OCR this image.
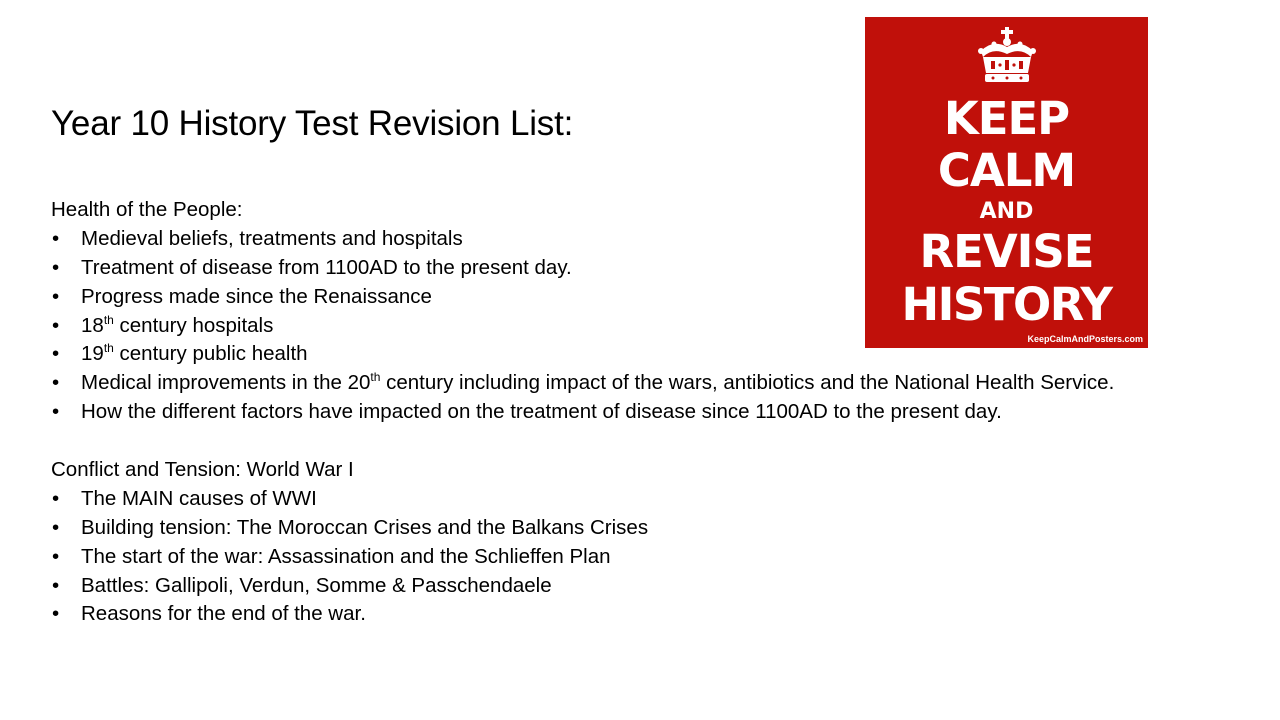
Year 10 History Test Revision List:
Health of the People:
• Medieval beliefs, treatments and hospitals
• Treatment of disease from 1100AD to the present day.
• Progress made since the Renaissance
• 18th century hospitals
• 19th century public health
• Medical improvements in the 20th century including impact of the wars, antibiotics and the National Health Service.
• How the different factors have impacted on the treatment of disease since 1100AD to the present day.
Conflict and Tension: World War I
• The MAIN causes of WWI
• Building tension: The Moroccan Crises and the Balkans Crises
• The start of the war: Assassination and the Schlieffen Plan
• Battles: Gallipoli, Verdun, Somme & Passchendaele
• Reasons for the end of the war.
KEEP
CALM
AND
REVISE
HISTORY
KeepCalmAndPosters.com
